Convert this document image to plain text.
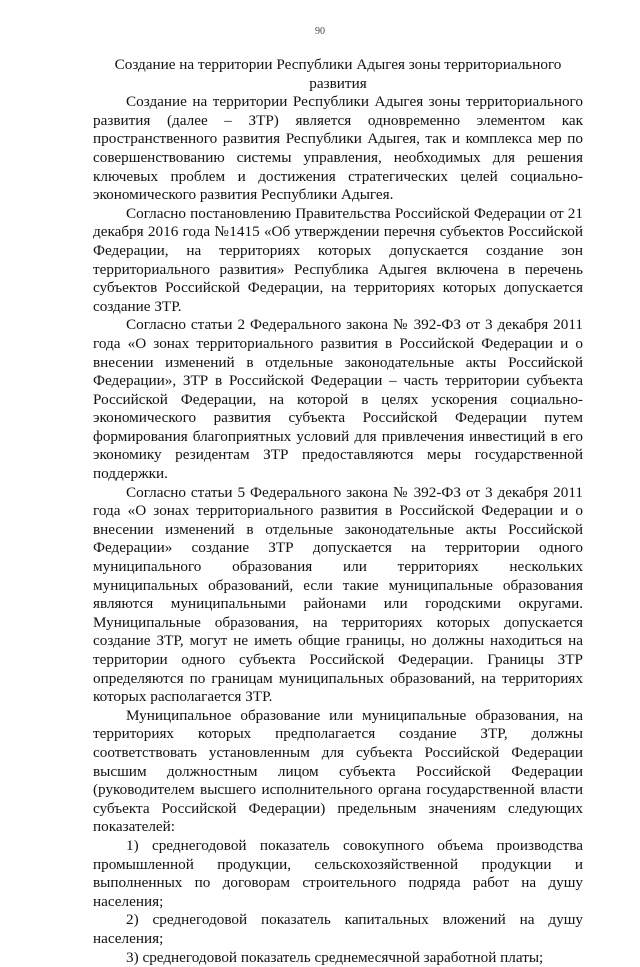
90
Создание на территории Республики Адыгея зоны территориального развития

Создание на территории Республики Адыгея зоны территориального развития (далее – ЗТР) является одновременно элементом как пространственного развития Республики Адыгея, так и комплекса мер по совершенствованию системы управления, необходимых для решения ключевых проблем и достижения стратегических целей социально-экономического развития Республики Адыгея.

Согласно постановлению Правительства Российской Федерации от 21 декабря 2016 года №1415 «Об утверждении перечня субъектов Российской Федерации, на территориях которых допускается создание зон территориального развития» Республика Адыгея включена в перечень субъектов Российской Федерации, на территориях которых допускается создание ЗТР.

Согласно статьи 2 Федерального закона № 392-ФЗ от 3 декабря 2011 года «О зонах территориального развития в Российской Федерации и о внесении изменений в отдельные законодательные акты Российской Федерации», ЗТР в Российской Федерации – часть территории субъекта Российской Федерации, на которой в целях ускорения социально-экономического развития субъекта Российской Федерации путем формирования благоприятных условий для привлечения инвестиций в его экономику резидентам ЗТР предоставляются меры государственной поддержки.

Согласно статьи 5 Федерального закона № 392-ФЗ от 3 декабря 2011 года «О зонах территориального развития в Российской Федерации и о внесении изменений в отдельные законодательные акты Российской Федерации» создание ЗТР допускается на территории одного муниципального образования или территориях нескольких муниципальных образований, если такие муниципальные образования являются муниципальными районами или городскими округами. Муниципальные образования, на территориях которых допускается создание ЗТР, могут не иметь общие границы, но должны находиться на территории одного субъекта Российской Федерации. Границы ЗТР определяются по границам муниципальных образований, на территориях которых располагается ЗТР.

Муниципальное образование или муниципальные образования, на территориях которых предполагается создание ЗТР, должны соответствовать установленным для субъекта Российской Федерации высшим должностным лицом субъекта Российской Федерации (руководителем высшего исполнительного органа государственной власти субъекта Российской Федерации) предельным значениям следующих показателей:

1) среднегодовой показатель совокупного объема производства промышленной продукции, сельскохозяйственной продукции и выполненных по договорам строительного подряда работ на душу населения;

2) среднегодовой показатель капитальных вложений на душу населения;

3) среднегодовой показатель среднемесячной заработной платы;
